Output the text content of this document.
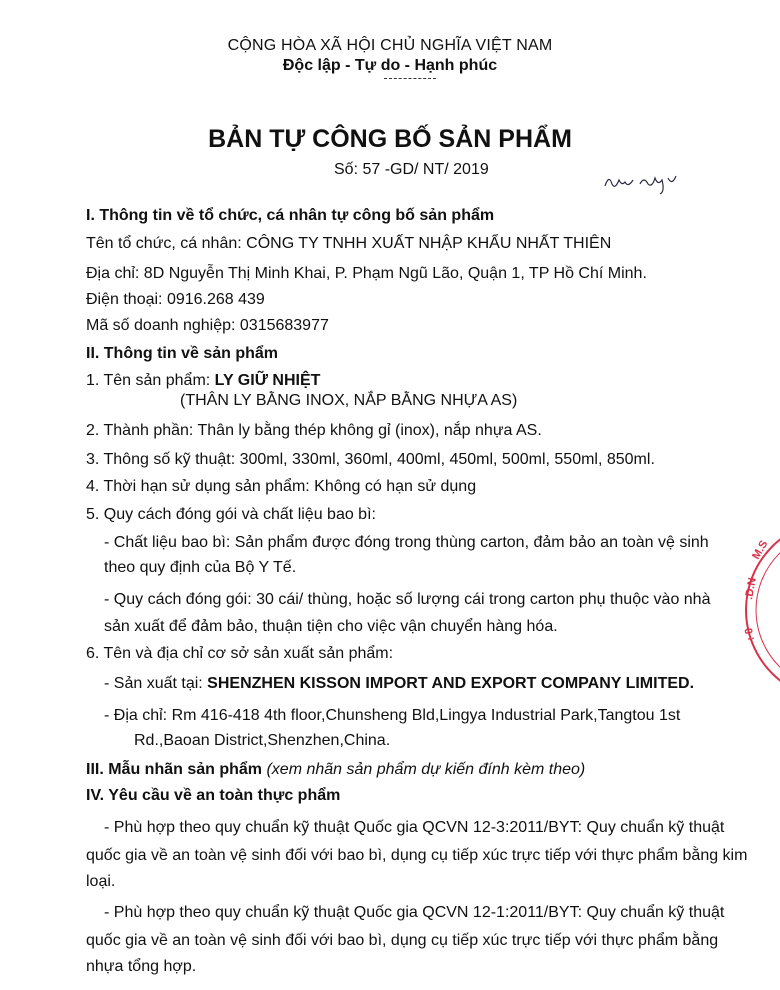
CỘNG HÒA XÃ HỘI CHỦ NGHĨA VIỆT NAM
Độc lập - Tự do - Hạnh phúc
BẢN TỰ CÔNG BỐ SẢN PHẨM
Số: 57 -GD/ NT/ 2019
M.S
.D.N
: 0
I. Thông tin về tổ chức, cá nhân tự công bố sản phẩm
Tên tổ chức, cá nhân: CÔNG TY TNHH XUẤT NHẬP KHẨU NHẤT THIÊN
Địa chỉ: 8D Nguyễn Thị Minh Khai, P. Phạm Ngũ Lão, Quận 1, TP Hồ Chí Minh.
Điện thoại: 0916.268 439
Mã số doanh nghiệp: 0315683977
II. Thông tin về sản phẩm
1. Tên sản phẩm: LY GIỮ NHIỆT
(THÂN LY BẰNG INOX, NẮP BẰNG NHỰA AS)
2. Thành phần: Thân ly bằng thép không gỉ (inox), nắp nhựa AS.
3. Thông số kỹ thuật: 300ml, 330ml, 360ml, 400ml, 450ml, 500ml, 550ml, 850ml.
4. Thời hạn sử dụng sản phẩm: Không có hạn sử dụng
5. Quy cách đóng gói và chất liệu bao bì:
- Chất liệu bao bì: Sản phẩm được đóng trong thùng carton, đảm bảo an toàn vệ sinh
theo quy định của Bộ Y Tế.
- Quy cách đóng gói: 30 cái/ thùng, hoặc số lượng cái trong carton phụ thuộc vào nhà
sản xuất để đảm bảo, thuận tiện cho việc vận chuyển hàng hóa.
6. Tên và địa chỉ cơ sở sản xuất sản phẩm:
- Sản xuất tại: SHENZHEN KISSON IMPORT AND EXPORT COMPANY LIMITED.
- Địa chỉ: Rm 416-418 4th floor,Chunsheng Bld,Lingya Industrial Park,Tangtou 1st
Rd.,Baoan District,Shenzhen,China.
III. Mẫu nhãn sản phẩm (xem nhãn sản phẩm dự kiến đính kèm theo)
IV. Yêu cầu về an toàn thực phẩm
- Phù hợp theo quy chuẩn kỹ thuật Quốc gia QCVN 12-3:2011/BYT: Quy chuẩn kỹ thuật
quốc gia về an toàn vệ sinh đối với bao bì, dụng cụ tiếp xúc trực tiếp với thực phẩm bằng kim
loại.
- Phù hợp theo quy chuẩn kỹ thuật Quốc gia QCVN 12-1:2011/BYT: Quy chuẩn kỹ thuật
quốc gia về an toàn vệ sinh đối với bao bì, dụng cụ tiếp xúc trực tiếp với thực phẩm bằng
nhựa tổng hợp.
